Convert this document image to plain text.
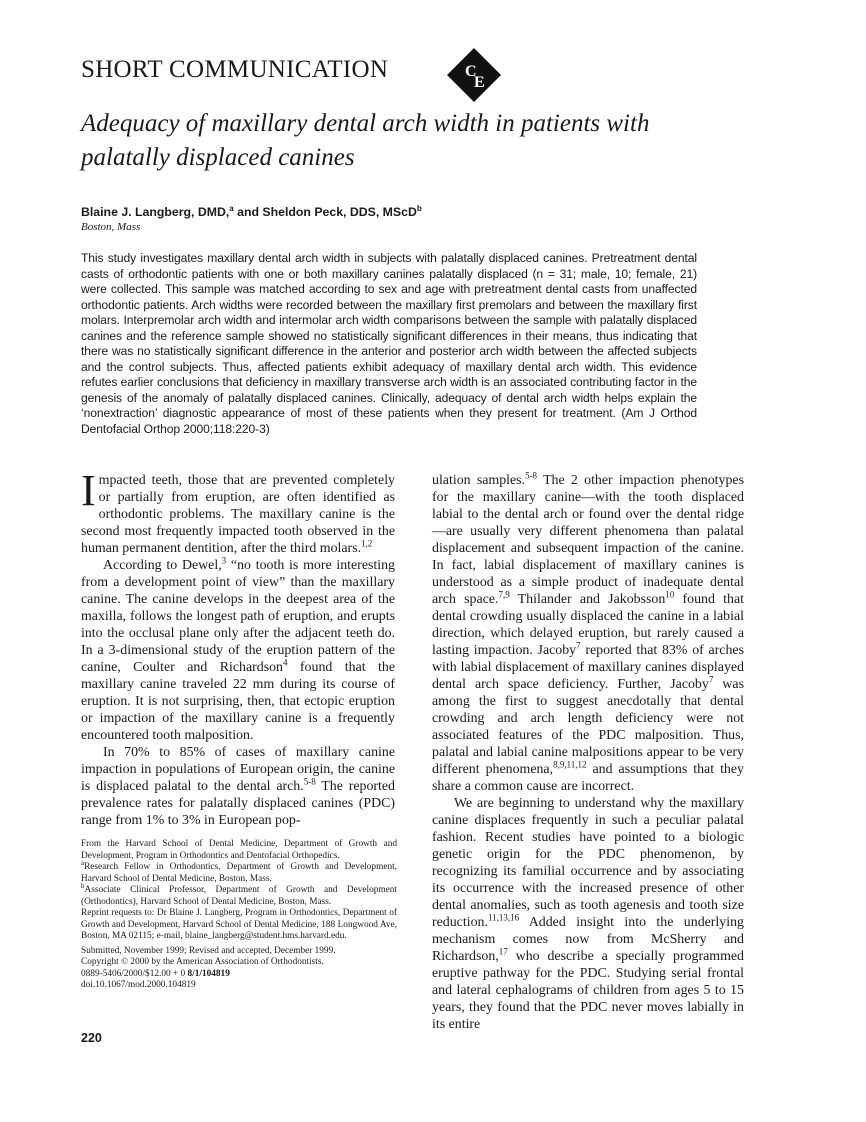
SHORT COMMUNICATION	C
E
Adequacy of maxillary dental arch width in patients with palatally displaced canines
Blaine J. Langberg, DMD,$^a$ and Sheldon Peck, DDS, MScD$^b$
Boston, Mass
This study investigates maxillary dental arch width in subjects with palatally displaced canines. Pretreatment dental casts of orthodontic patients with one or both maxillary canines palatally displaced (n = 31; male, 10; female, 21) were collected. This sample was matched according to sex and age with pretreatment dental casts from unaffected orthodontic patients. Arch widths were recorded between the maxillary first premolars and between the maxillary first molars. Interpremolar arch width and intermolar arch width comparisons between the sample with palatally displaced canines and the reference sample showed no statistically significant differences in their means, thus indicating that there was no statistically significant difference in the anterior and posterior arch width between the affected subjects and the control subjects. Thus, affected patients exhibit adequacy of maxillary dental arch width. This evidence refutes earlier conclusions that deficiency in maxillary transverse arch width is an associated contributing factor in the genesis of the anomaly of palatally displaced canines. Clinically, adequacy of dental arch width helps explain the ‘nonextraction’ diagnostic appearance of most of these patients when they present for treatment. (Am J Orthod Dentofacial Orthop 2000;118:220-3)

Impacted teeth, those that are prevented completely or partially from eruption, are often identified as orthodontic problems. The maxillary canine is the second most frequently impacted tooth observed in the human permanent dentition, after the third molars.$^{1,2}$

According to Dewel,$^3$ “no tooth is more interesting from a development point of view” than the maxillary canine. The canine develops in the deepest area of the maxilla, follows the longest path of eruption, and erupts into the occlusal plane only after the adjacent teeth do. In a 3-dimensional study of the eruption pattern of the canine, Coulter and Richardson$^4$ found that the maxillary canine traveled 22 mm during its course of eruption. It is not surprising, then, that ectopic eruption or impaction of the maxillary canine is a frequently encountered tooth malposition.

In 70% to 85% of cases of maxillary canine impaction in populations of European origin, the canine is displaced palatal to the dental arch.$^{5-8}$ The reported prevalence rates for palatally displaced canines (PDC) range from 1% to 3% in European pop-

From the Harvard School of Dental Medicine, Department of Growth and Development, Program in Orthodontics and Dentofacial Orthopedics.

$^a$Research Fellow in Orthodontics, Department of Growth and Development, Harvard School of Dental Medicine, Boston, Mass.

$^b$Associate Clinical Professor, Department of Growth and Development (Orthodontics), Harvard School of Dental Medicine, Boston, Mass.

Reprint requests to: Dr Blaine J. Langberg, Program in Orthodontics, Department of Growth and Development, Harvard School of Dental Medicine, 188 Longwood Ave, Boston, MA 02115; e-mail, blaine_langberg@student.hms.harvard.edu.

Submitted, November 1999; Revised and accepted, December 1999.

Copyright © 2000 by the American Association of Orthodontists.

0889-5406/2000/$12.00 + 0 8/1/104819

doi.10.1067/mod.2000.104819

ulation samples.$^{5-8}$ The 2 other impaction phenotypes for the maxillary canine—with the tooth displaced labial to the dental arch or found over the dental ridge—are usually very different phenomena than palatal displacement and subsequent impaction of the canine. In fact, labial displacement of maxillary canines is understood as a simple product of inadequate dental arch space.$^{7,9}$ Thilander and Jakobsson$^{10}$ found that dental crowding usually displaced the canine in a labial direction, which delayed eruption, but rarely caused a lasting impaction. Jacoby$^7$ reported that 83% of arches with labial displacement of maxillary canines displayed dental arch space deficiency. Further, Jacoby$^7$ was among the first to suggest anecdotally that dental crowding and arch length deficiency were not associated features of the PDC malposition. Thus, palatal and labial canine malpositions appear to be very different phenomena,$^{8,9,11,12}$ and assumptions that they share a common cause are incorrect.

We are beginning to understand why the maxillary canine displaces frequently in such a peculiar palatal fashion. Recent studies have pointed to a biologic genetic origin for the PDC phenomenon, by recognizing its familial occurrence and by associating its occurrence with the increased presence of other dental anomalies, such as tooth agenesis and tooth size reduction.$^{11,13,16}$ Added insight into the underlying mechanism comes now from McSherry and Richardson,$^{17}$ who describe a specially programmed eruptive pathway for the PDC. Studying serial frontal and lateral cephalograms of children from ages 5 to 15 years, they found that the PDC never moves labially in its entire

220
